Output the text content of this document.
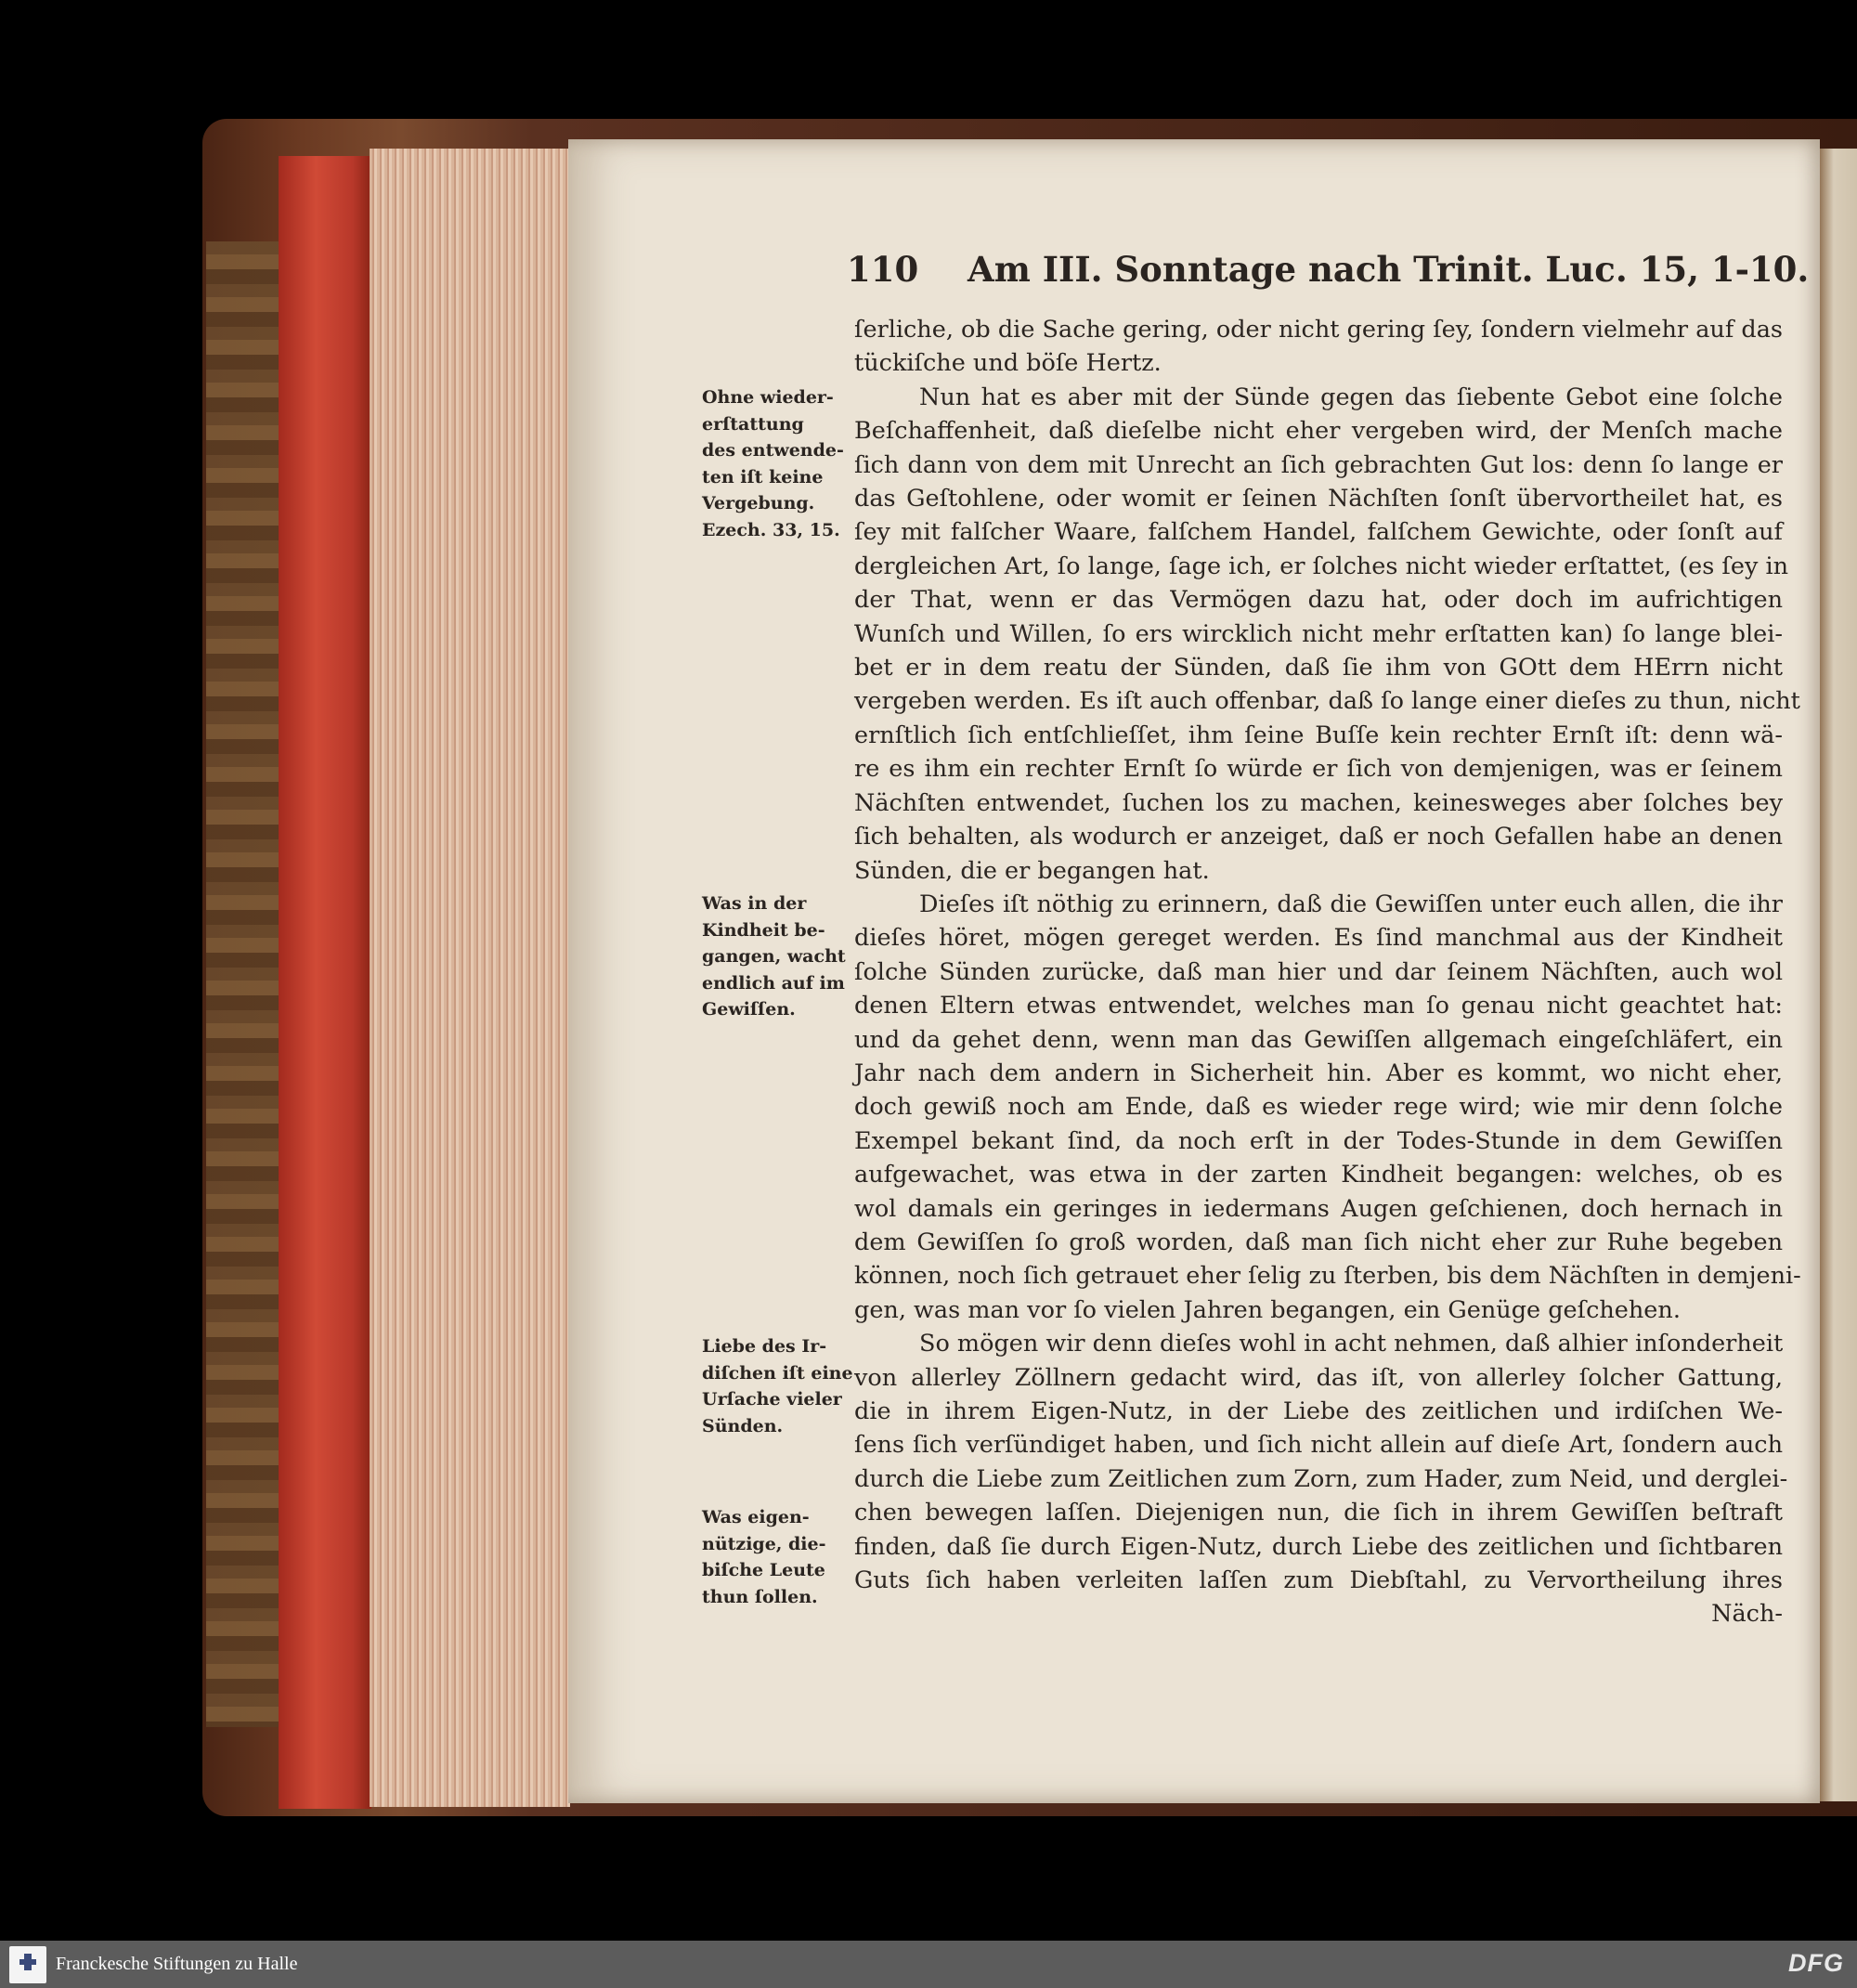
110 Am III. Sonntage nach Trinit. Luc. 15, 1-10.
ſerliche, ob die Sache gering, oder nicht gering ſey, ſondern vielmehr auf das
tückiſche und böſe Hertz.
Nun hat es aber mit der Sünde gegen das ſiebente Gebot eine ſolche
Beſchaffenheit, daß dieſelbe nicht eher vergeben wird, der Menſch mache
ſich dann von dem mit Unrecht an ſich gebrachten Gut los: denn ſo lange er
das Geſtohlene, oder womit er ſeinen Nächſten ſonſt übervortheilet hat, es
ſey mit falſcher Waare, falſchem Handel, falſchem Gewichte, oder ſonſt auf
dergleichen Art, ſo lange, ſage ich, er ſolches nicht wieder erſtattet, (es ſey in
der That, wenn er das Vermögen dazu hat, oder doch im aufrichtigen
Wunſch und Willen, ſo ers wircklich nicht mehr erſtatten kan) ſo lange blei-
bet er in dem reatu der Sünden, daß ſie ihm von GOtt dem HErrn nicht
vergeben werden. Es iſt auch offenbar, daß ſo lange einer dieſes zu thun, nicht
ernſtlich ſich entſchlieſſet, ihm ſeine Buſſe kein rechter Ernſt iſt: denn wä-
re es ihm ein rechter Ernſt ſo würde er ſich von demjenigen, was er ſeinem
Nächſten entwendet, ſuchen los zu machen, keinesweges aber ſolches bey
ſich behalten, als wodurch er anzeiget, daß er noch Gefallen habe an denen
Sünden, die er begangen hat.
Dieſes iſt nöthig zu erinnern, daß die Gewiſſen unter euch allen, die ihr
dieſes höret, mögen gereget werden. Es ſind manchmal aus der Kindheit
ſolche Sünden zurücke, daß man hier und dar ſeinem Nächſten, auch wol
denen Eltern etwas entwendet, welches man ſo genau nicht geachtet hat:
und da gehet denn, wenn man das Gewiſſen allgemach eingeſchläfert, ein
Jahr nach dem andern in Sicherheit hin. Aber es kommt, wo nicht eher,
doch gewiß noch am Ende, daß es wieder rege wird; wie mir denn ſolche
Exempel bekant ſind, da noch erſt in der Todes-Stunde in dem Gewiſſen
aufgewachet, was etwa in der zarten Kindheit begangen: welches, ob es
wol damals ein geringes in iedermans Augen geſchienen, doch hernach in
dem Gewiſſen ſo groß worden, daß man ſich nicht eher zur Ruhe begeben
können, noch ſich getrauet eher ſelig zu ſterben, bis dem Nächſten in demjeni-
gen, was man vor ſo vielen Jahren begangen, ein Genüge geſchehen.
So mögen wir denn dieſes wohl in acht nehmen, daß alhier inſonderheit
von allerley Zöllnern gedacht wird, das iſt, von allerley ſolcher Gattung,
die in ihrem Eigen-Nutz, in der Liebe des zeitlichen und irdiſchen We-
ſens ſich verſündiget haben, und ſich nicht allein auf dieſe Art, ſondern auch
durch die Liebe zum Zeitlichen zum Zorn, zum Hader, zum Neid, und derglei-
chen bewegen laſſen. Diejenigen nun, die ſich in ihrem Gewiſſen beſtraft
finden, daß ſie durch Eigen-Nutz, durch Liebe des zeitlichen und ſichtbaren
Guts ſich haben verleiten laſſen zum Diebſtahl, zu Vervortheilung ihres
Näch-
Ohne wieder-
erſtattung
des entwende-
ten iſt keine
Vergebung.
Ezech. 33, 15.
Was in der
Kindheit be-
gangen, wacht
endlich auf im
Gewiſſen.
Liebe des Ir-
diſchen iſt eine
Urſache vieler
Sünden.
Was eigen-
nützige, die-
biſche Leute
thun ſollen.
Franckesche Stiftungen zu Halle	DFG
